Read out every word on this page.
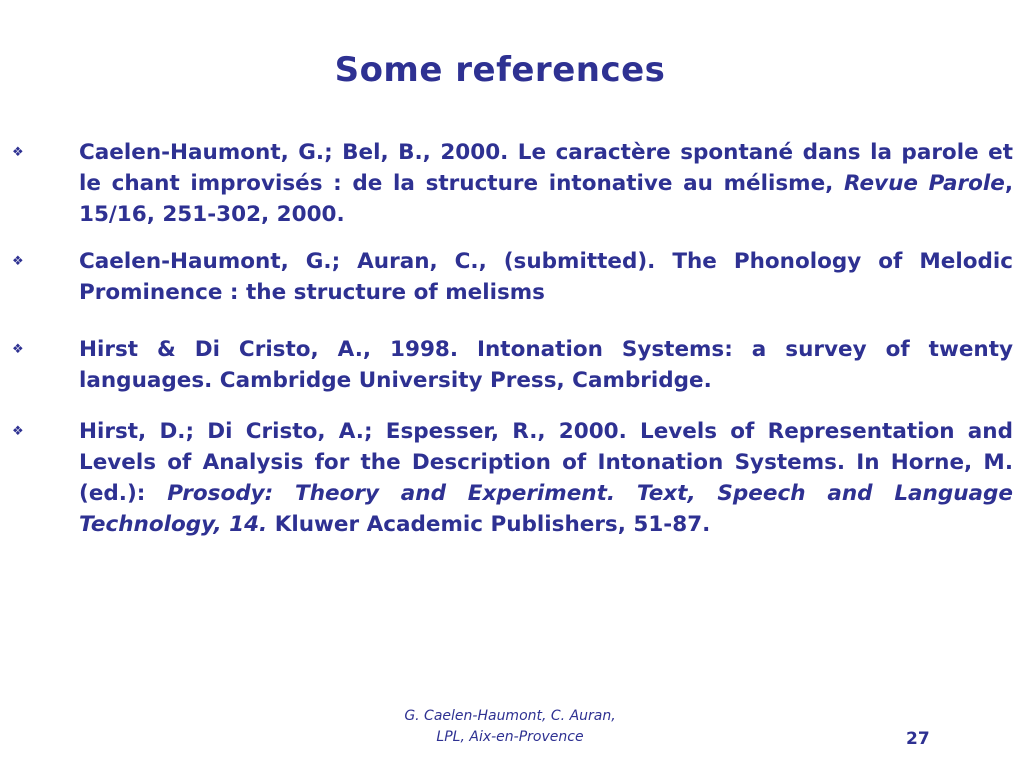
Some references
❖	Caelen-Haumont, G.; Bel, B., 2000. Le caractère spontané dans la parole et le chant improvisés : de la structure intonative au mélisme, Revue Parole, 15/16, 251-302, 2000.
❖	Caelen-Haumont, G.; Auran, C., (submitted). The Phonology of Melodic Prominence : the structure of melisms
❖	Hirst & Di Cristo, A., 1998. Intonation Systems: a survey of twenty languages. Cambridge University Press, Cambridge.
❖	Hirst, D.; Di Cristo, A.; Espesser, R., 2000. Levels of Representation and Levels of Analysis for the Description of Intonation Systems. In Horne, M. (ed.): Prosody: Theory and Experiment. Text, Speech and Language Technology, 14. Kluwer Academic Publishers, 51-87.
G. Caelen-Haumont, C. Auran,
LPL, Aix-en-Provence	27
